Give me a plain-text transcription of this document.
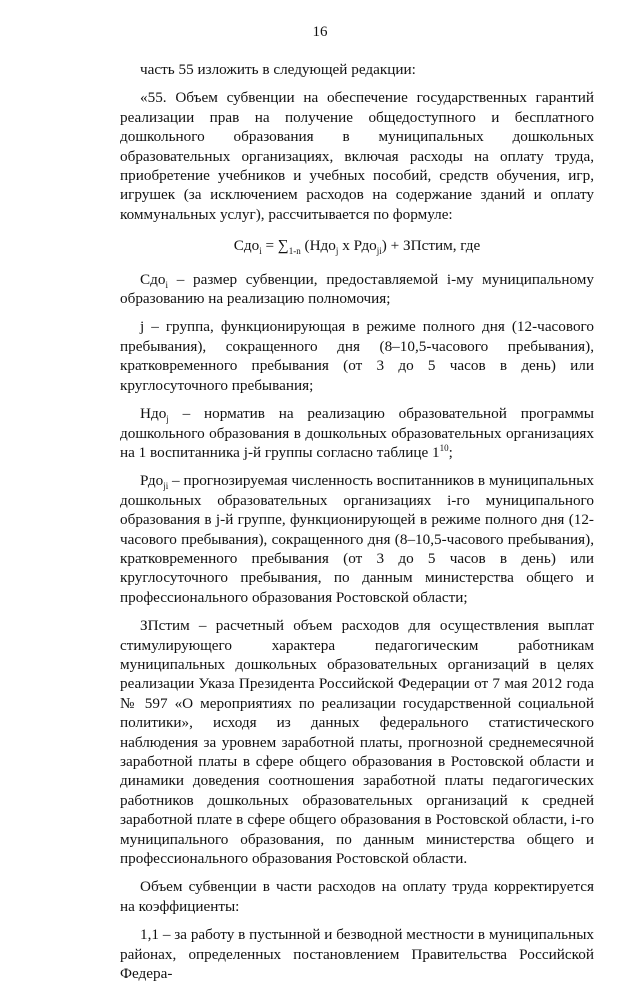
16

часть 55 изложить в следующей редакции:

«55. Объем субвенции на обеспечение государственных гарантий реализации прав на получение общедоступного и бесплатного дошкольного образования в муниципальных дошкольных образовательных организациях, включая расходы на оплату труда, приобретение учебников и учебных пособий, средств обучения, игр, игрушек (за исключением расходов на содержание зданий и оплату коммунальных услуг), рассчитывается по формуле:

$Сдо_i = \sum_{1-n}$ (Ндо$_j$ х Рдо$_{ji}$) + ЗПстим, где

Сдо$_i$ – размер субвенции, предоставляемой i-му муниципальному образованию на реализацию полномочия;

j – группа, функционирующая в режиме полного дня (12-часового пребывания), сокращенного дня (8–10,5-часового пребывания), кратковременного пребывания (от 3 до 5 часов в день) или круглосуточного пребывания;

Ндо$_j$ – норматив на реализацию образовательной программы дошкольного образования в дошкольных образовательных организациях на 1 воспитанника j-й группы согласно таблице $1^{10}$;

Рдо$_{ji}$ – прогнозируемая численность воспитанников в муниципальных дошкольных образовательных организациях i-го муниципального образования в j-й группе, функционирующей в режиме полного дня (12-часового пребывания), сокращенного дня (8–10,5-часового пребывания), кратковременного пребывания (от 3 до 5 часов в день) или круглосуточного пребывания, по данным министерства общего и профессионального образования Ростовской области;

ЗПстим – расчетный объем расходов для осуществления выплат стимулирующего характера педагогическим работникам муниципальных дошкольных образовательных организаций в целях реализации Указа Президента Российской Федерации от 7 мая 2012 года № 597 «О мероприятиях по реализации государственной социальной политики», исходя из данных федерального статистического наблюдения за уровнем заработной платы, прогнозной среднемесячной заработной платы в сфере общего образования в Ростовской области и динамики доведения соотношения заработной платы педагогических работников дошкольных образовательных организаций к средней заработной плате в сфере общего образования в Ростовской области, i-го муниципального образования, по данным министерства общего и профессионального образования Ростовской области.

Объем субвенции в части расходов на оплату труда корректируется на коэффициенты:

1,1 – за работу в пустынной и безводной местности в муниципальных районах, определенных постановлением Правительства Российской Федера-
